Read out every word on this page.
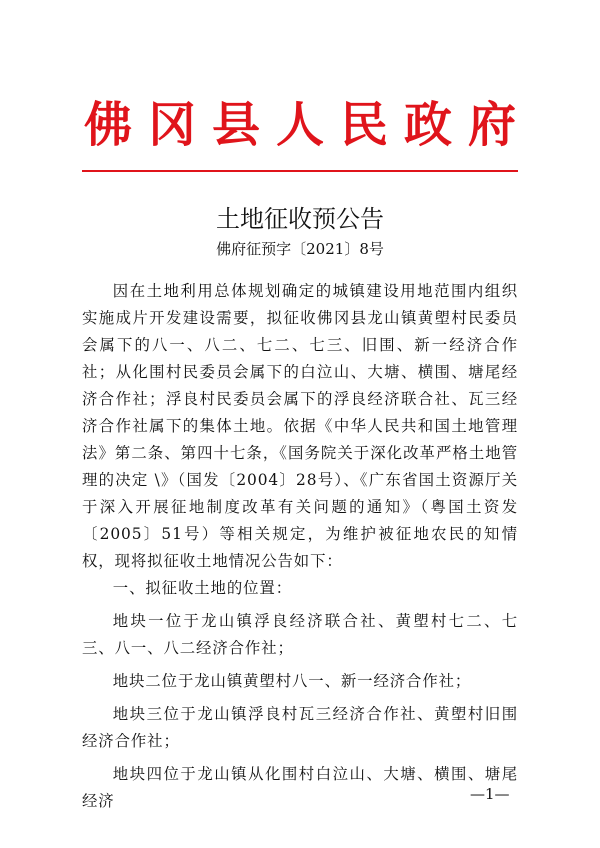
佛冈县人民政府
土地征收预公告
佛府征预字〔2021〕8号

因在土地利用总体规划确定的城镇建设用地范围内组织实施成片开发建设需要，拟征收佛冈县龙山镇黄塱村民委员会属下的八一、八二、七二、七三、旧围、新一经济合作社；从化围村民委员会属下的白泣山、大塘、横围、塘尾经济合作社；浮良村民委员会属下的浮良经济联合社、瓦三经济合作社属下的集体土地。依据《中华人民共和国土地管理法》第二条、第四十七条，《国务院关于深化改革严格土地管理的决定 \》（国发〔2004〕28号）、《广东省国土资源厅关于深入开展征地制度改革有关问题的通知》（粤国土资发〔2005〕51号）等相关规定，为维护被征地农民的知情权，现将拟征收土地情况公告如下：

一、拟征收土地的位置：

地块一位于龙山镇浮良经济联合社、黄塱村七二、七三、八一、八二经济合作社；

地块二位于龙山镇黄塱村八一、新一经济合作社；

地块三位于龙山镇浮良村瓦三经济合作社、黄塱村旧围经济合作社；

地块四位于龙山镇从化围村白泣山、大塘、横围、塘尾经济	—1—
